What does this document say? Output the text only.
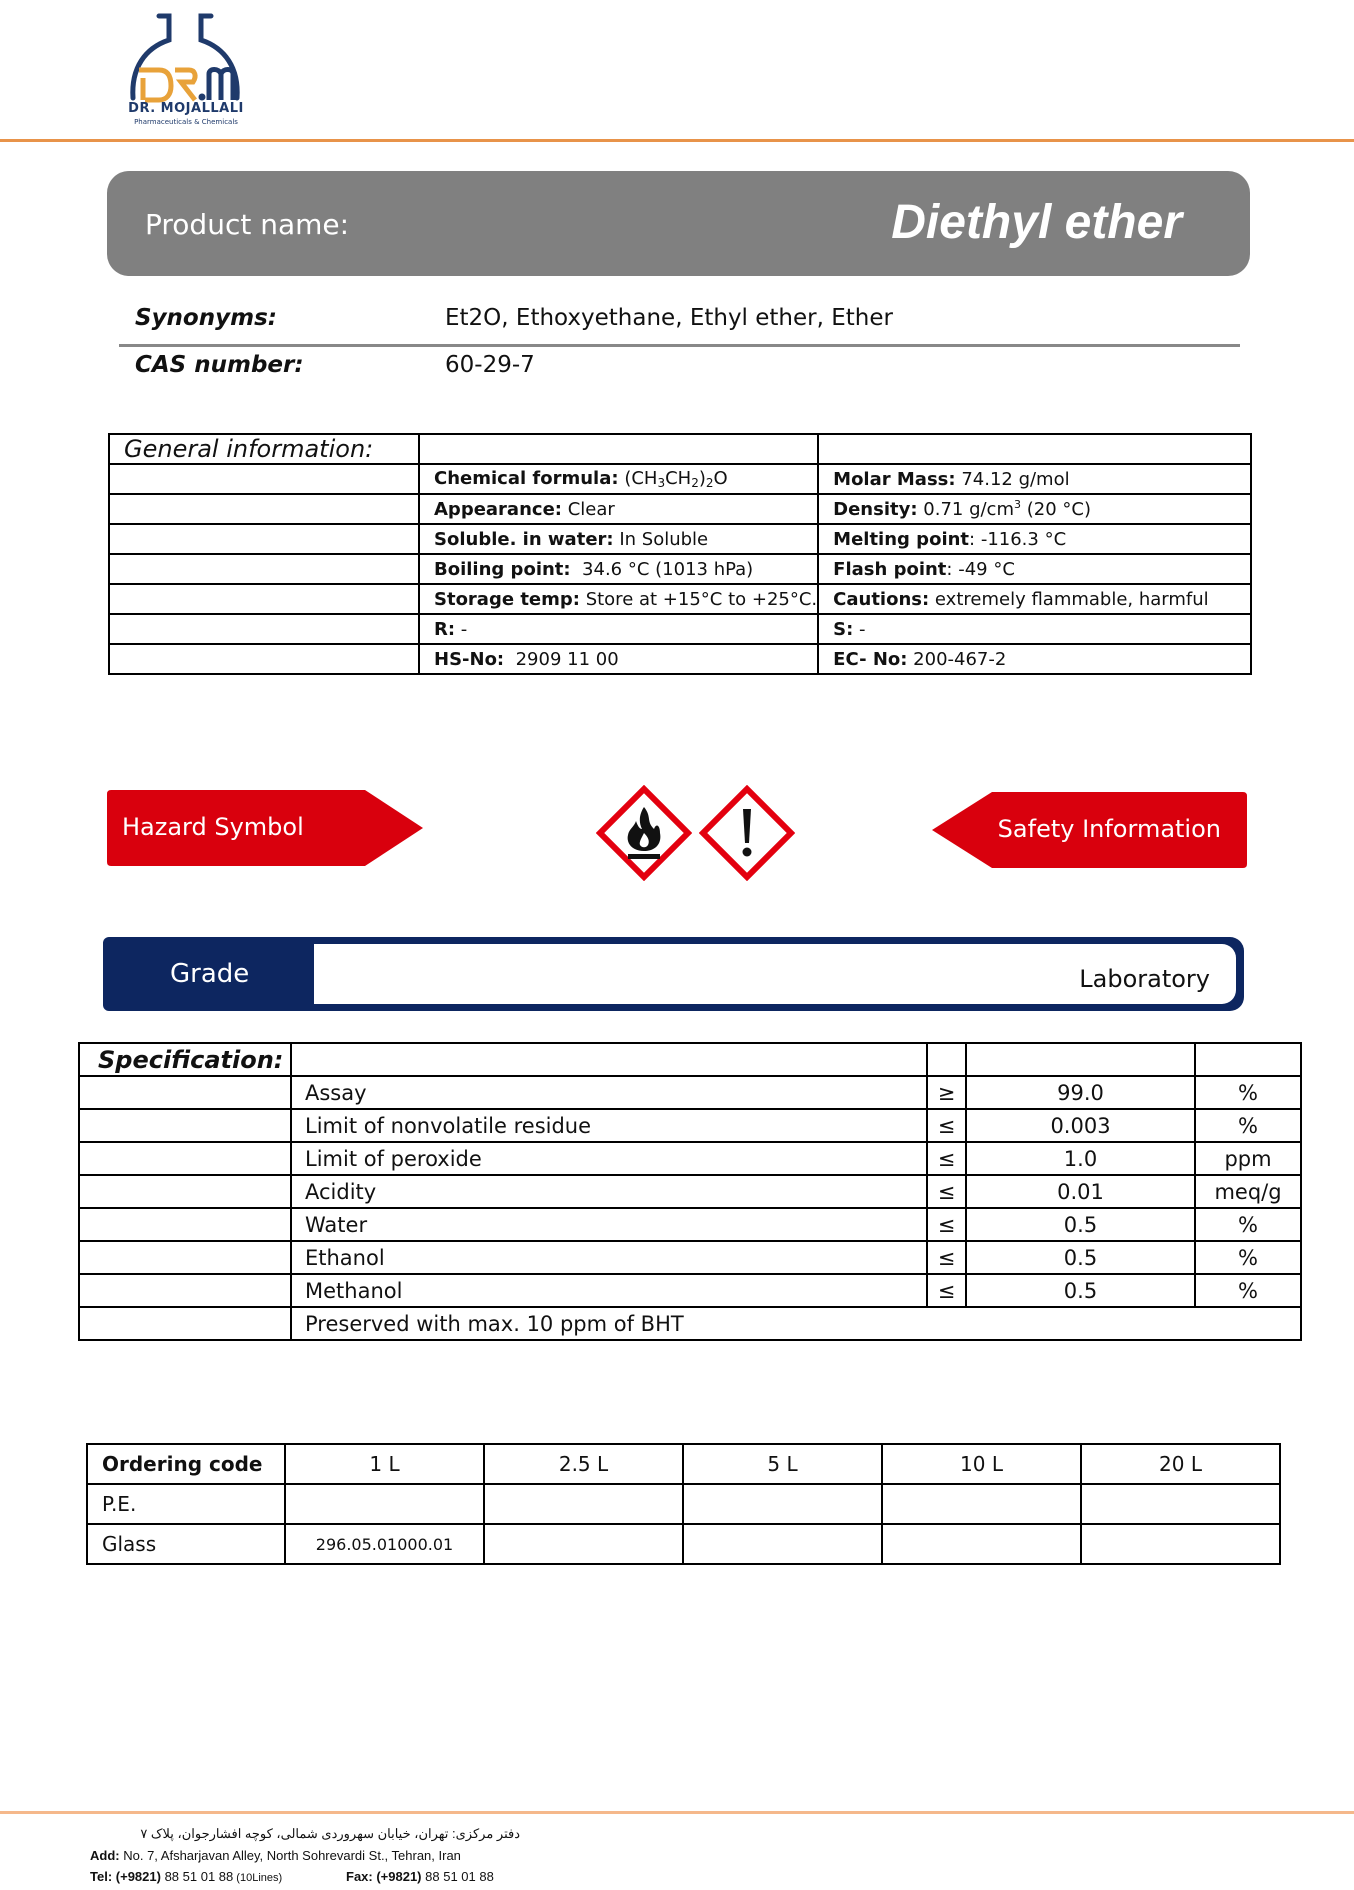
DR. MOJALLALI
Pharmaceuticals & Chemicals
Product name:	Diethyl ether
Synonyms:	Et2O, Ethoxyethane, Ethyl ether, Ether
CAS number:	60-29-7
General information:		
	Chemical formula: $(CH_3CH_2)_2O$	Molar Mass: 74.12 g/mol
	Appearance: Clear	Density: 0.71 $g/cm^3$ (20 °C)
	Soluble. in water: In Soluble	Melting point: -116.3 °C
	Boiling point:  34.6 °C (1013 hPa)	Flash point: -49 °C
	Storage temp: Store at +15°C to +25°C.	Cautions: extremely flammable, harmful
	R: -	S: -
	HS-No:  2909 11 00	EC- No: 200-467-2
Hazard Symbol	Safety Information
Grade	Laboratory
Specification:				
	Assay	≥	99.0	%
	Limit of nonvolatile residue	≤	0.003	%
	Limit of peroxide	≤	1.0	ppm
	Acidity	≤	0.01	meq/g
	Water	≤	0.5	%
	Ethanol	≤	0.5	%
	Methanol	≤	0.5	%
	Preserved with max. 10 ppm of BHT			
Ordering code	1 L	2.5 L	5 L	10 L	20 L
P.E.					
Glass	296.05.01000.01				
دفتر مرکزی: تهران، خیابان سهروردی شمالی، کوچه افشارجوان، پلاک ۷
Add: No. 7, Afsharjavan Alley, North Sohrevardi St., Tehran, Iran
Tel: (+9821) 88 51 01 88 (10Lines)	Fax: (+9821) 88 51 01 88
